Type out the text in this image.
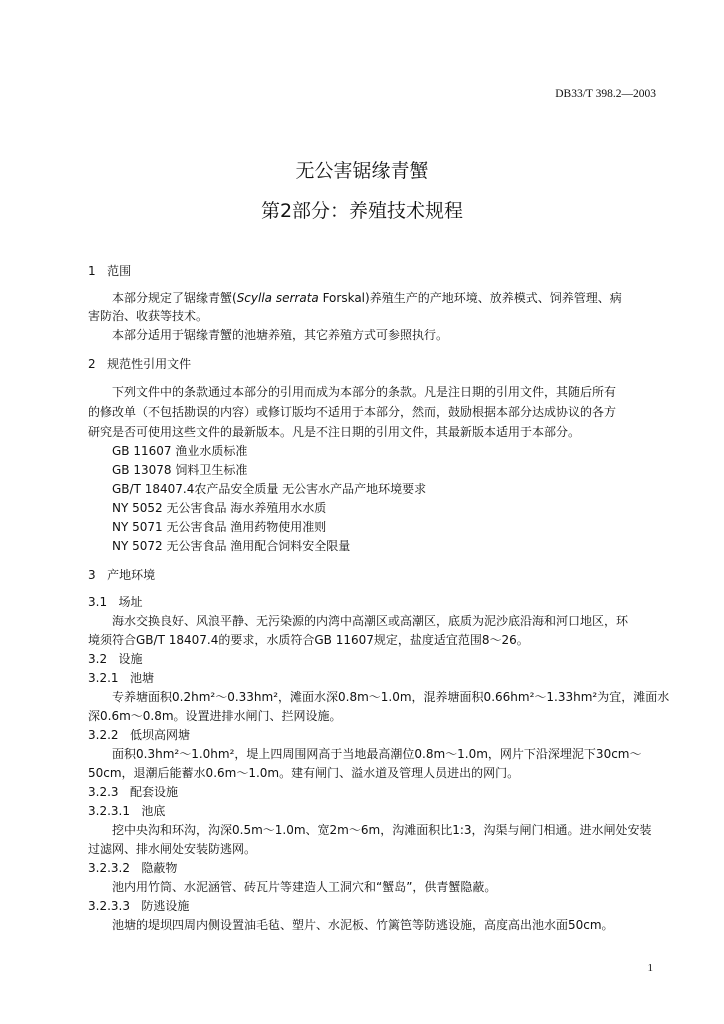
DB33/T 398.2—2003
无公害锯缘青蟹
第2部分：养殖技术规程
1   范围
本部分规定了锯缘青蟹(Scylla serrata Forskal)养殖生产的产地环境、放养模式、饲养管理、病
害防治、收获等技术。
本部分适用于锯缘青蟹的池塘养殖，其它养殖方式可参照执行。
2   规范性引用文件
下列文件中的条款通过本部分的引用而成为本部分的条款。凡是注日期的引用文件，其随后所有
的修改单（不包括勘误的内容）或修订版均不适用于本部分，然而，鼓励根据本部分达成协议的各方
研究是否可使用这些文件的最新版本。凡是不注日期的引用文件，其最新版本适用于本部分。
GB 11607 渔业水质标准
GB 13078 饲料卫生标准
GB/T 18407.4农产品安全质量 无公害水产品产地环境要求
NY 5052 无公害食品 海水养殖用水水质
NY 5071 无公害食品 渔用药物使用准则
NY 5072 无公害食品 渔用配合饲料安全限量
3   产地环境
3.1   场址
海水交换良好、风浪平静、无污染源的内湾中高潮区或高潮区，底质为泥沙底沿海和河口地区，环
境须符合GB/T 18407.4的要求，水质符合GB 11607规定，盐度适宜范围8～26。
3.2   设施
3.2.1   池塘
专养塘面积0.2hm²～0.33hm²，滩面水深0.8m～1.0m，混养塘面积0.66hm²～1.33hm²为宜，滩面水
深0.6m～0.8m。设置进排水闸门、拦网设施。
3.2.2   低坝高网塘
面积0.3hm²～1.0hm²，堤上四周围网高于当地最高潮位0.8m～1.0m，网片下沿深埋泥下30cm～
50cm，退潮后能蓄水0.6m～1.0m。建有闸门、溢水道及管理人员进出的网门。
3.2.3   配套设施
3.2.3.1   池底
挖中央沟和环沟，沟深0.5m～1.0m、宽2m～6m，沟滩面积比1:3，沟渠与闸门相通。进水闸处安装
过滤网、排水闸处安装防逃网。
3.2.3.2   隐蔽物
池内用竹筒、水泥涵管、砖瓦片等建造人工洞穴和“蟹岛”，供青蟹隐蔽。
3.2.3.3   防逃设施
池塘的堤坝四周内侧设置油毛毡、塑片、水泥板、竹篱笆等防逃设施，高度高出池水面50cm。
1
